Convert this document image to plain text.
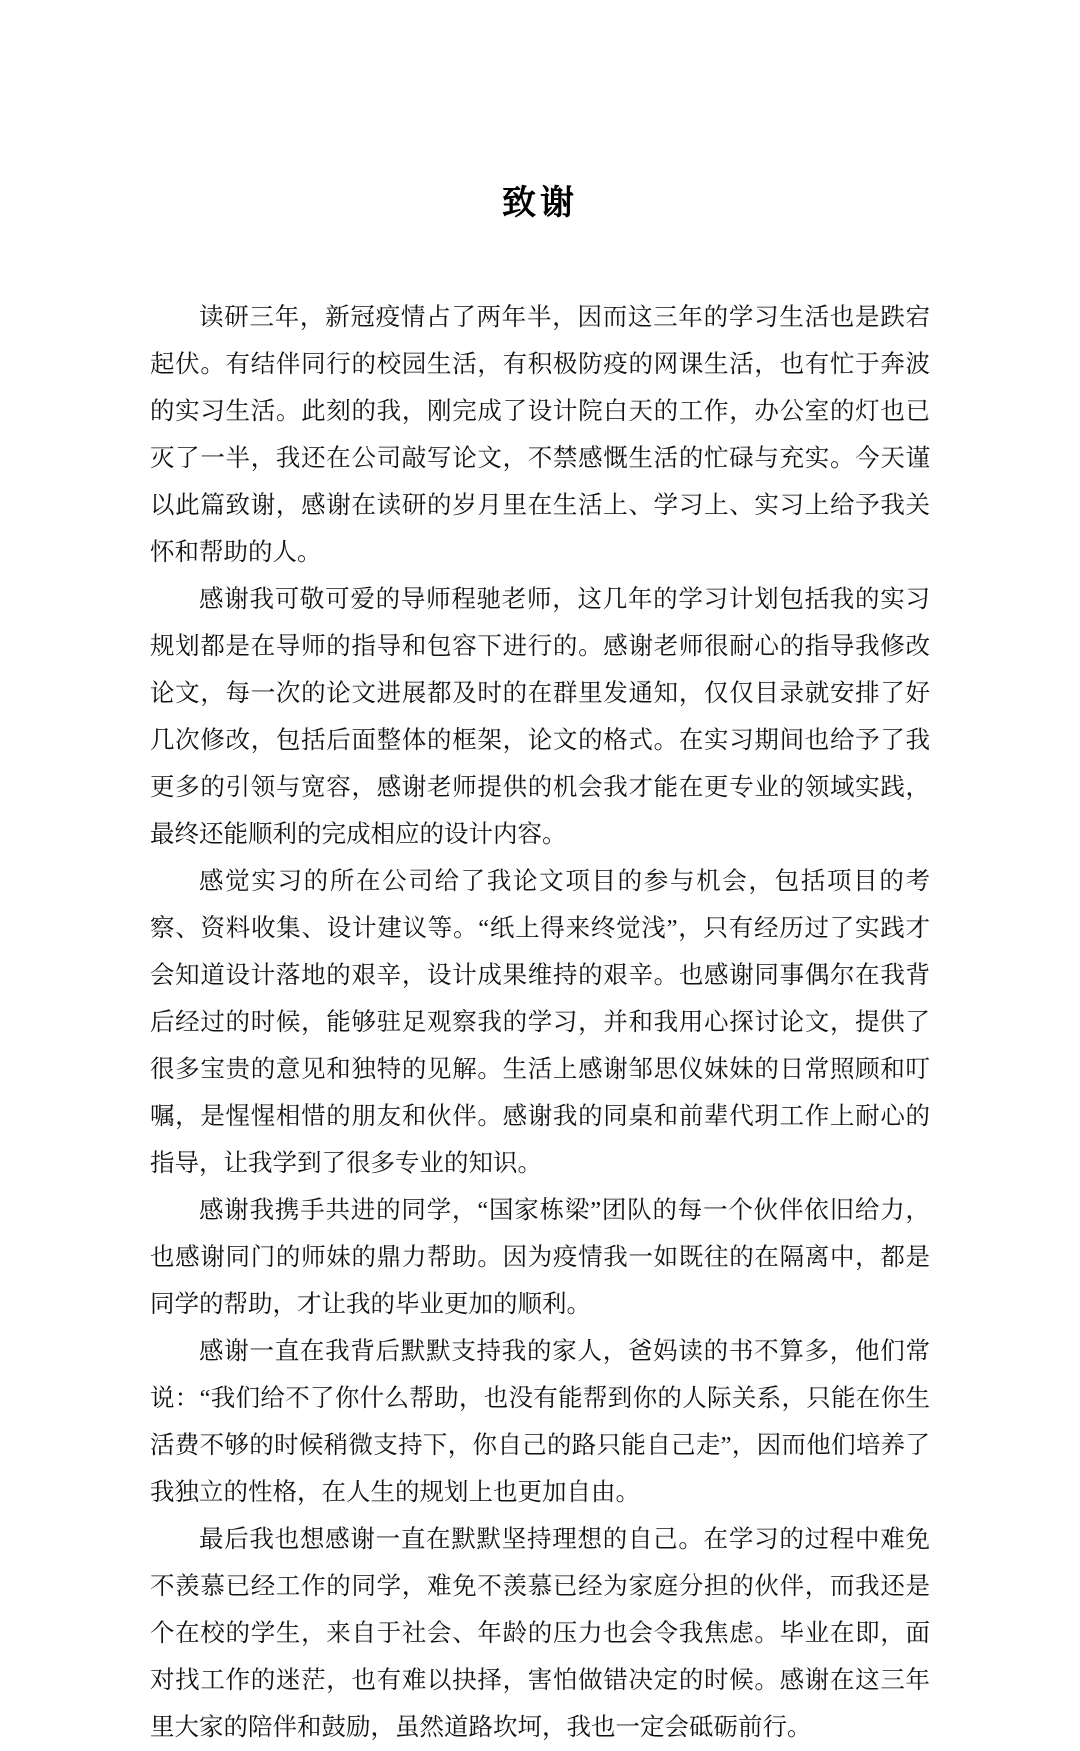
致谢

读研三年，新冠疫情占了两年半，因而这三年的学习生活也是跌宕起伏。有结伴同行的校园生活，有积极防疫的网课生活，也有忙于奔波的实习生活。此刻的我，刚完成了设计院白天的工作，办公室的灯也已灭了一半，我还在公司敲写论文，不禁感慨生活的忙碌与充实。今天谨以此篇致谢，感谢在读研的岁月里在生活上、学习上、实习上给予我关怀和帮助的人。

感谢我可敬可爱的导师程驰老师，这几年的学习计划包括我的实习规划都是在导师的指导和包容下进行的。感谢老师很耐心的指导我修改论文，每一次的论文进展都及时的在群里发通知，仅仅目录就安排了好几次修改，包括后面整体的框架，论文的格式。在实习期间也给予了我更多的引领与宽容，感谢老师提供的机会我才能在更专业的领域实践，最终还能顺利的完成相应的设计内容。

感觉实习的所在公司给了我论文项目的参与机会，包括项目的考察、资料收集、设计建议等。“纸上得来终觉浅”，只有经历过了实践才会知道设计落地的艰辛，设计成果维持的艰辛。也感谢同事偶尔在我背后经过的时候，能够驻足观察我的学习，并和我用心探讨论文，提供了很多宝贵的意见和独特的见解。生活上感谢邹思仪妹妹的日常照顾和叮嘱，是惺惺相惜的朋友和伙伴。感谢我的同桌和前辈代玥工作上耐心的指导，让我学到了很多专业的知识。

感谢我携手共进的同学，“国家栋梁”团队的每一个伙伴依旧给力，也感谢同门的师妹的鼎力帮助。因为疫情我一如既往的在隔离中，都是同学的帮助，才让我的毕业更加的顺利。

感谢一直在我背后默默支持我的家人，爸妈读的书不算多，他们常说：“我们给不了你什么帮助，也没有能帮到你的人际关系，只能在你生活费不够的时候稍微支持下，你自己的路只能自己走”，因而他们培养了我独立的性格，在人生的规划上也更加自由。

最后我也想感谢一直在默默坚持理想的自己。在学习的过程中难免不羡慕已经工作的同学，难免不羡慕已经为家庭分担的伙伴，而我还是个在校的学生，来自于社会、年龄的压力也会令我焦虑。毕业在即，面对找工作的迷茫，也有难以抉择，害怕做错决定的时候。感谢在这三年里大家的陪伴和鼓励，虽然道路坎坷，我也一定会砥砺前行。
